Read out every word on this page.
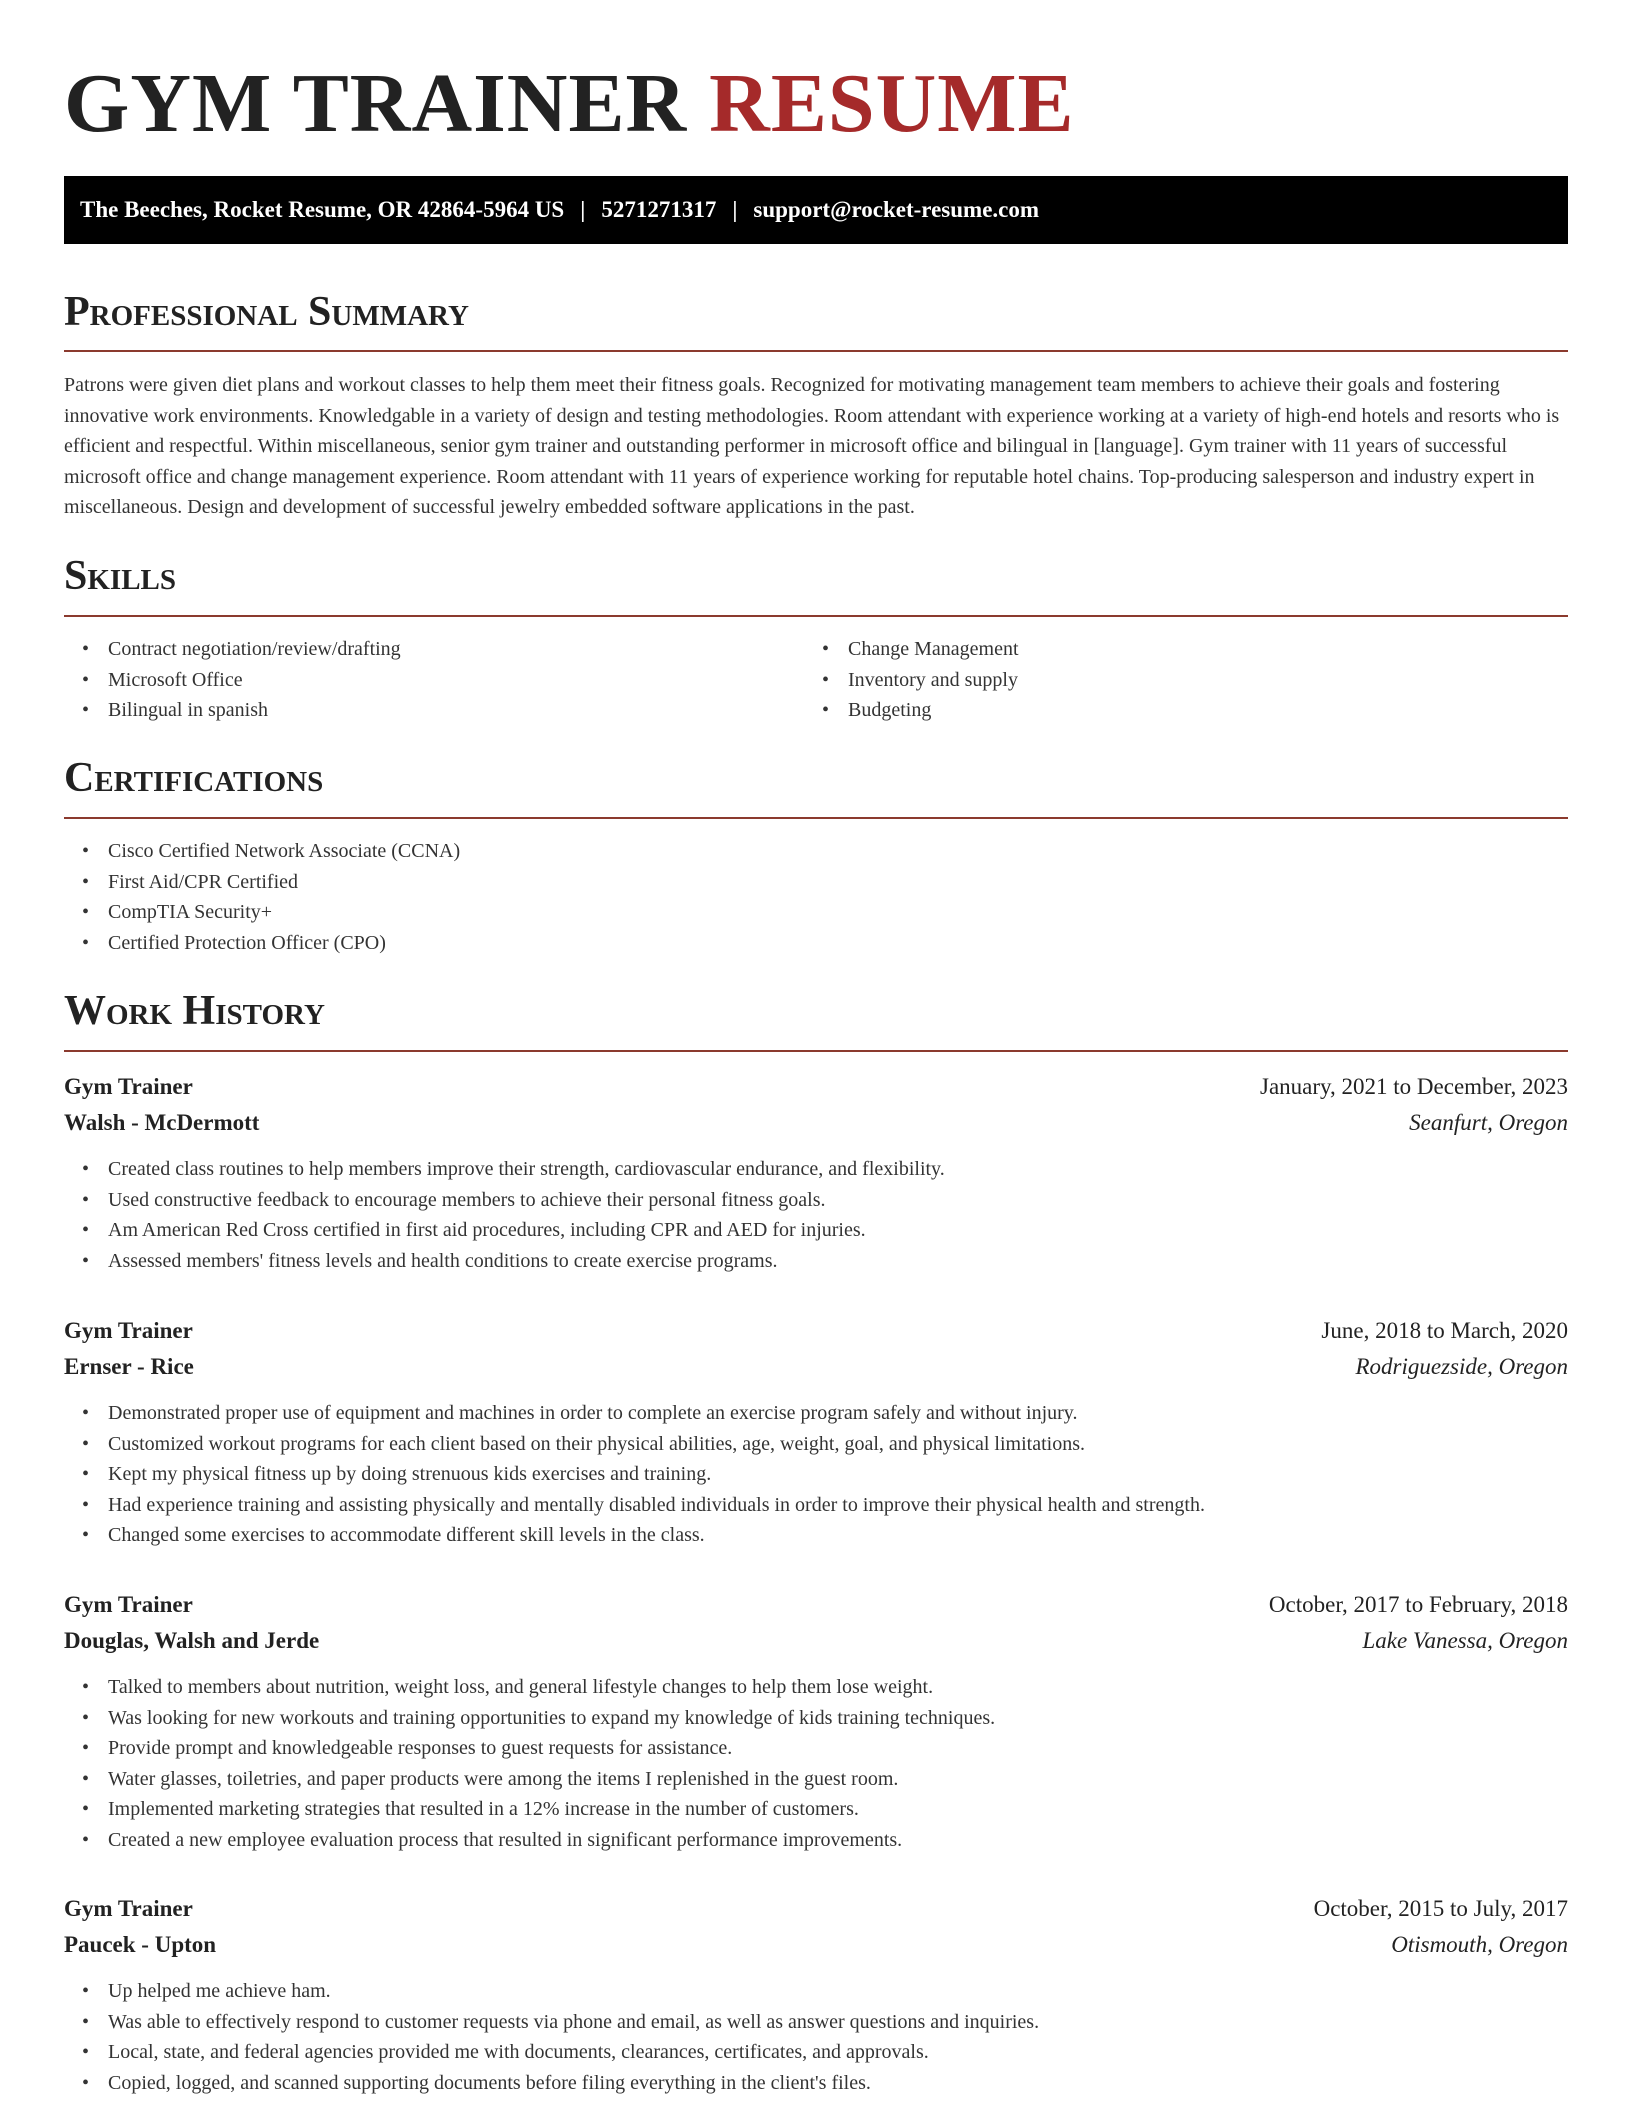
GYM TRAINER RESUME
The Beeches, Rocket Resume, OR 42864-5964 US | 5271271317 | support@rocket-resume.com
Professional Summary

Patrons were given diet plans and workout classes to help them meet their fitness goals. Recognized for motivating management team members to achieve their goals and fostering innovative work environments. Knowledgable in a variety of design and testing methodologies. Room attendant with experience working at a variety of high-end hotels and resorts who is efficient and respectful. Within miscellaneous, senior gym trainer and outstanding performer in microsoft office and bilingual in [language]. Gym trainer with 11 years of successful microsoft office and change management experience. Room attendant with 11 years of experience working for reputable hotel chains. Top-producing salesperson and industry expert in miscellaneous. Design and development of successful jewelry embedded software applications in the past.

Skills
• Contract negotiation/review/drafting
• Microsoft Office
• Bilingual in spanish
• Change Management
• Inventory and supply
• Budgeting
Certifications
• Cisco Certified Network Associate (CCNA)
• First Aid/CPR Certified
• CompTIA Security+
• Certified Protection Officer (CPO)
Work History
Gym Trainer	January, 2021 to December, 2023
Walsh - McDermott	Seanfurt, Oregon
• Created class routines to help members improve their strength, cardiovascular endurance, and flexibility.
• Used constructive feedback to encourage members to achieve their personal fitness goals.
• Am American Red Cross certified in first aid procedures, including CPR and AED for injuries.
• Assessed members' fitness levels and health conditions to create exercise programs.
Gym Trainer	June, 2018 to March, 2020
Ernser - Rice	Rodriguezside, Oregon
• Demonstrated proper use of equipment and machines in order to complete an exercise program safely and without injury.
• Customized workout programs for each client based on their physical abilities, age, weight, goal, and physical limitations.
• Kept my physical fitness up by doing strenuous kids exercises and training.
• Had experience training and assisting physically and mentally disabled individuals in order to improve their physical health and strength.
• Changed some exercises to accommodate different skill levels in the class.
Gym Trainer	October, 2017 to February, 2018
Douglas, Walsh and Jerde	Lake Vanessa, Oregon
• Talked to members about nutrition, weight loss, and general lifestyle changes to help them lose weight.
• Was looking for new workouts and training opportunities to expand my knowledge of kids training techniques.
• Provide prompt and knowledgeable responses to guest requests for assistance.
• Water glasses, toiletries, and paper products were among the items I replenished in the guest room.
• Implemented marketing strategies that resulted in a 12% increase in the number of customers.
• Created a new employee evaluation process that resulted in significant performance improvements.
Gym Trainer	October, 2015 to July, 2017
Paucek - Upton	Otismouth, Oregon
• Up helped me achieve ham.
• Was able to effectively respond to customer requests via phone and email, as well as answer questions and inquiries.
• Local, state, and federal agencies provided me with documents, clearances, certificates, and approvals.
• Copied, logged, and scanned supporting documents before filing everything in the client's files.
